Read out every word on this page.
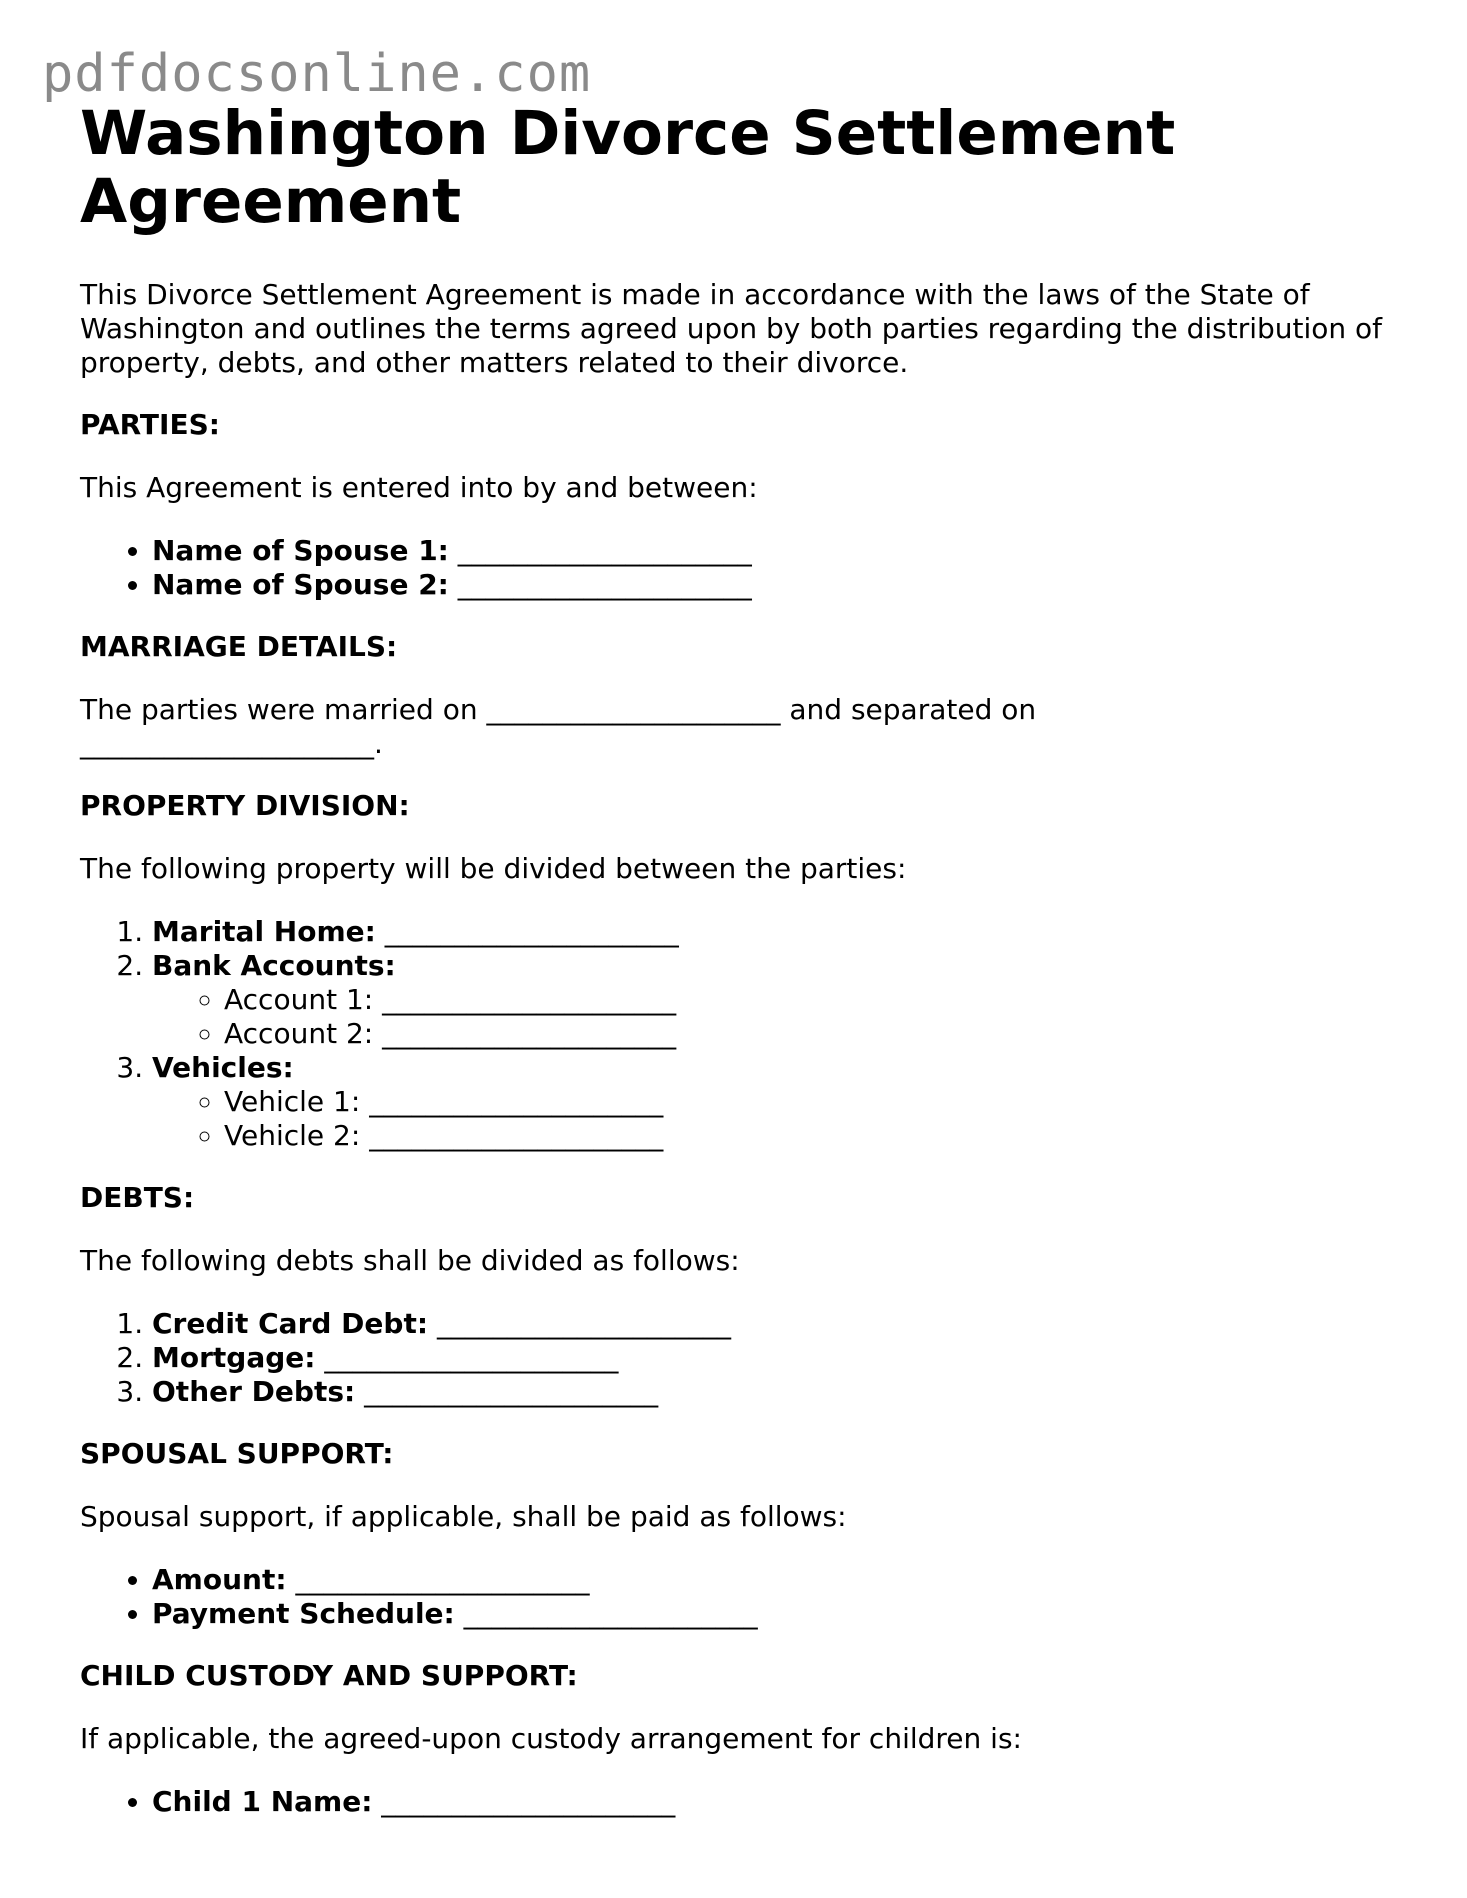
pdfdocsonline.com
Washington Divorce Settlement Agreement

This Divorce Settlement Agreement is made in accordance with the laws of the State of Washington and outlines the terms agreed upon by both parties regarding the distribution of property, debts, and other matters related to their divorce.

PARTIES:

This Agreement is entered into by and between:

• Name of Spouse 1: _____________________
• Name of Spouse 2: _____________________
MARRIAGE DETAILS:

The parties were married on _____________________ and separated on
_____________________.

PROPERTY DIVISION:

The following property will be divided between the parties:

1. Marital Home: _____________________
2. Bank Accounts:
◦ Account 1: _____________________
◦ Account 2: _____________________
3. Vehicles:
◦ Vehicle 1: _____________________
◦ Vehicle 2: _____________________
DEBTS:

The following debts shall be divided as follows:

1. Credit Card Debt: _____________________
2. Mortgage: _____________________
3. Other Debts: _____________________
SPOUSAL SUPPORT:

Spousal support, if applicable, shall be paid as follows:

• Amount: _____________________
• Payment Schedule: _____________________
CHILD CUSTODY AND SUPPORT:

If applicable, the agreed-upon custody arrangement for children is:

• Child 1 Name: _____________________
